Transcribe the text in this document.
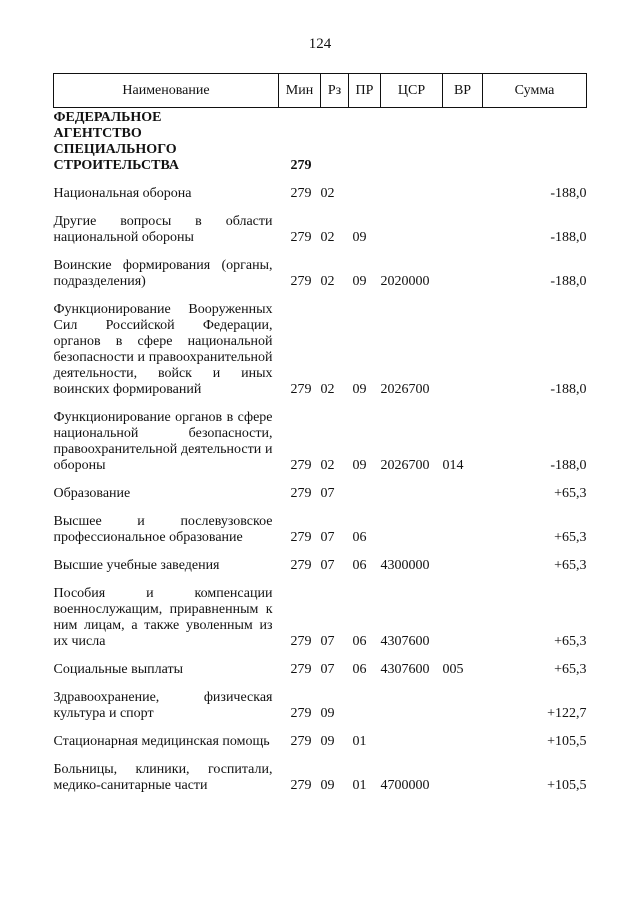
124
Наименование	Мин	Рз	ПР	ЦСР	ВР	Сумма

ФЕДЕРАЛЬНОЕ АГЕНТСТВО СПЕЦИАЛЬНОГО СТРОИТЕЛЬСТВА	279					

Национальная оборона	279	02				-188,0

Другие вопросы в области национальной обороны	279	02	09			-188,0

Воинские формирования (органы, подразделения)	279	02	09	2020000		-188,0

Функционирование Вооруженных Сил Российской Федерации, органов в сфере национальной безопасности и правоохранительной деятельности, войск и иных воинских формирований	279	02	09	2026700		-188,0

Функционирование органов в сфере национальной безопасности, правоохранительной деятельности и обороны	279	02	09	2026700	014	-188,0

Образование	279	07				+65,3

Высшее и послевузовское профессиональное образование	279	07	06			+65,3

Высшие учебные заведения	279	07	06	4300000		+65,3

Пособия и компенсации военнослужащим, приравненным к ним лицам, а также уволенным из их числа	279	07	06	4307600		+65,3

Социальные выплаты	279	07	06	4307600	005	+65,3

Здравоохранение, физическая культура и спорт	279	09				+122,7

Стационарная медицинская помощь	279	09	01			+105,5

Больницы, клиники, госпитали, медико-санитарные части	279	09	01	4700000		+105,5
